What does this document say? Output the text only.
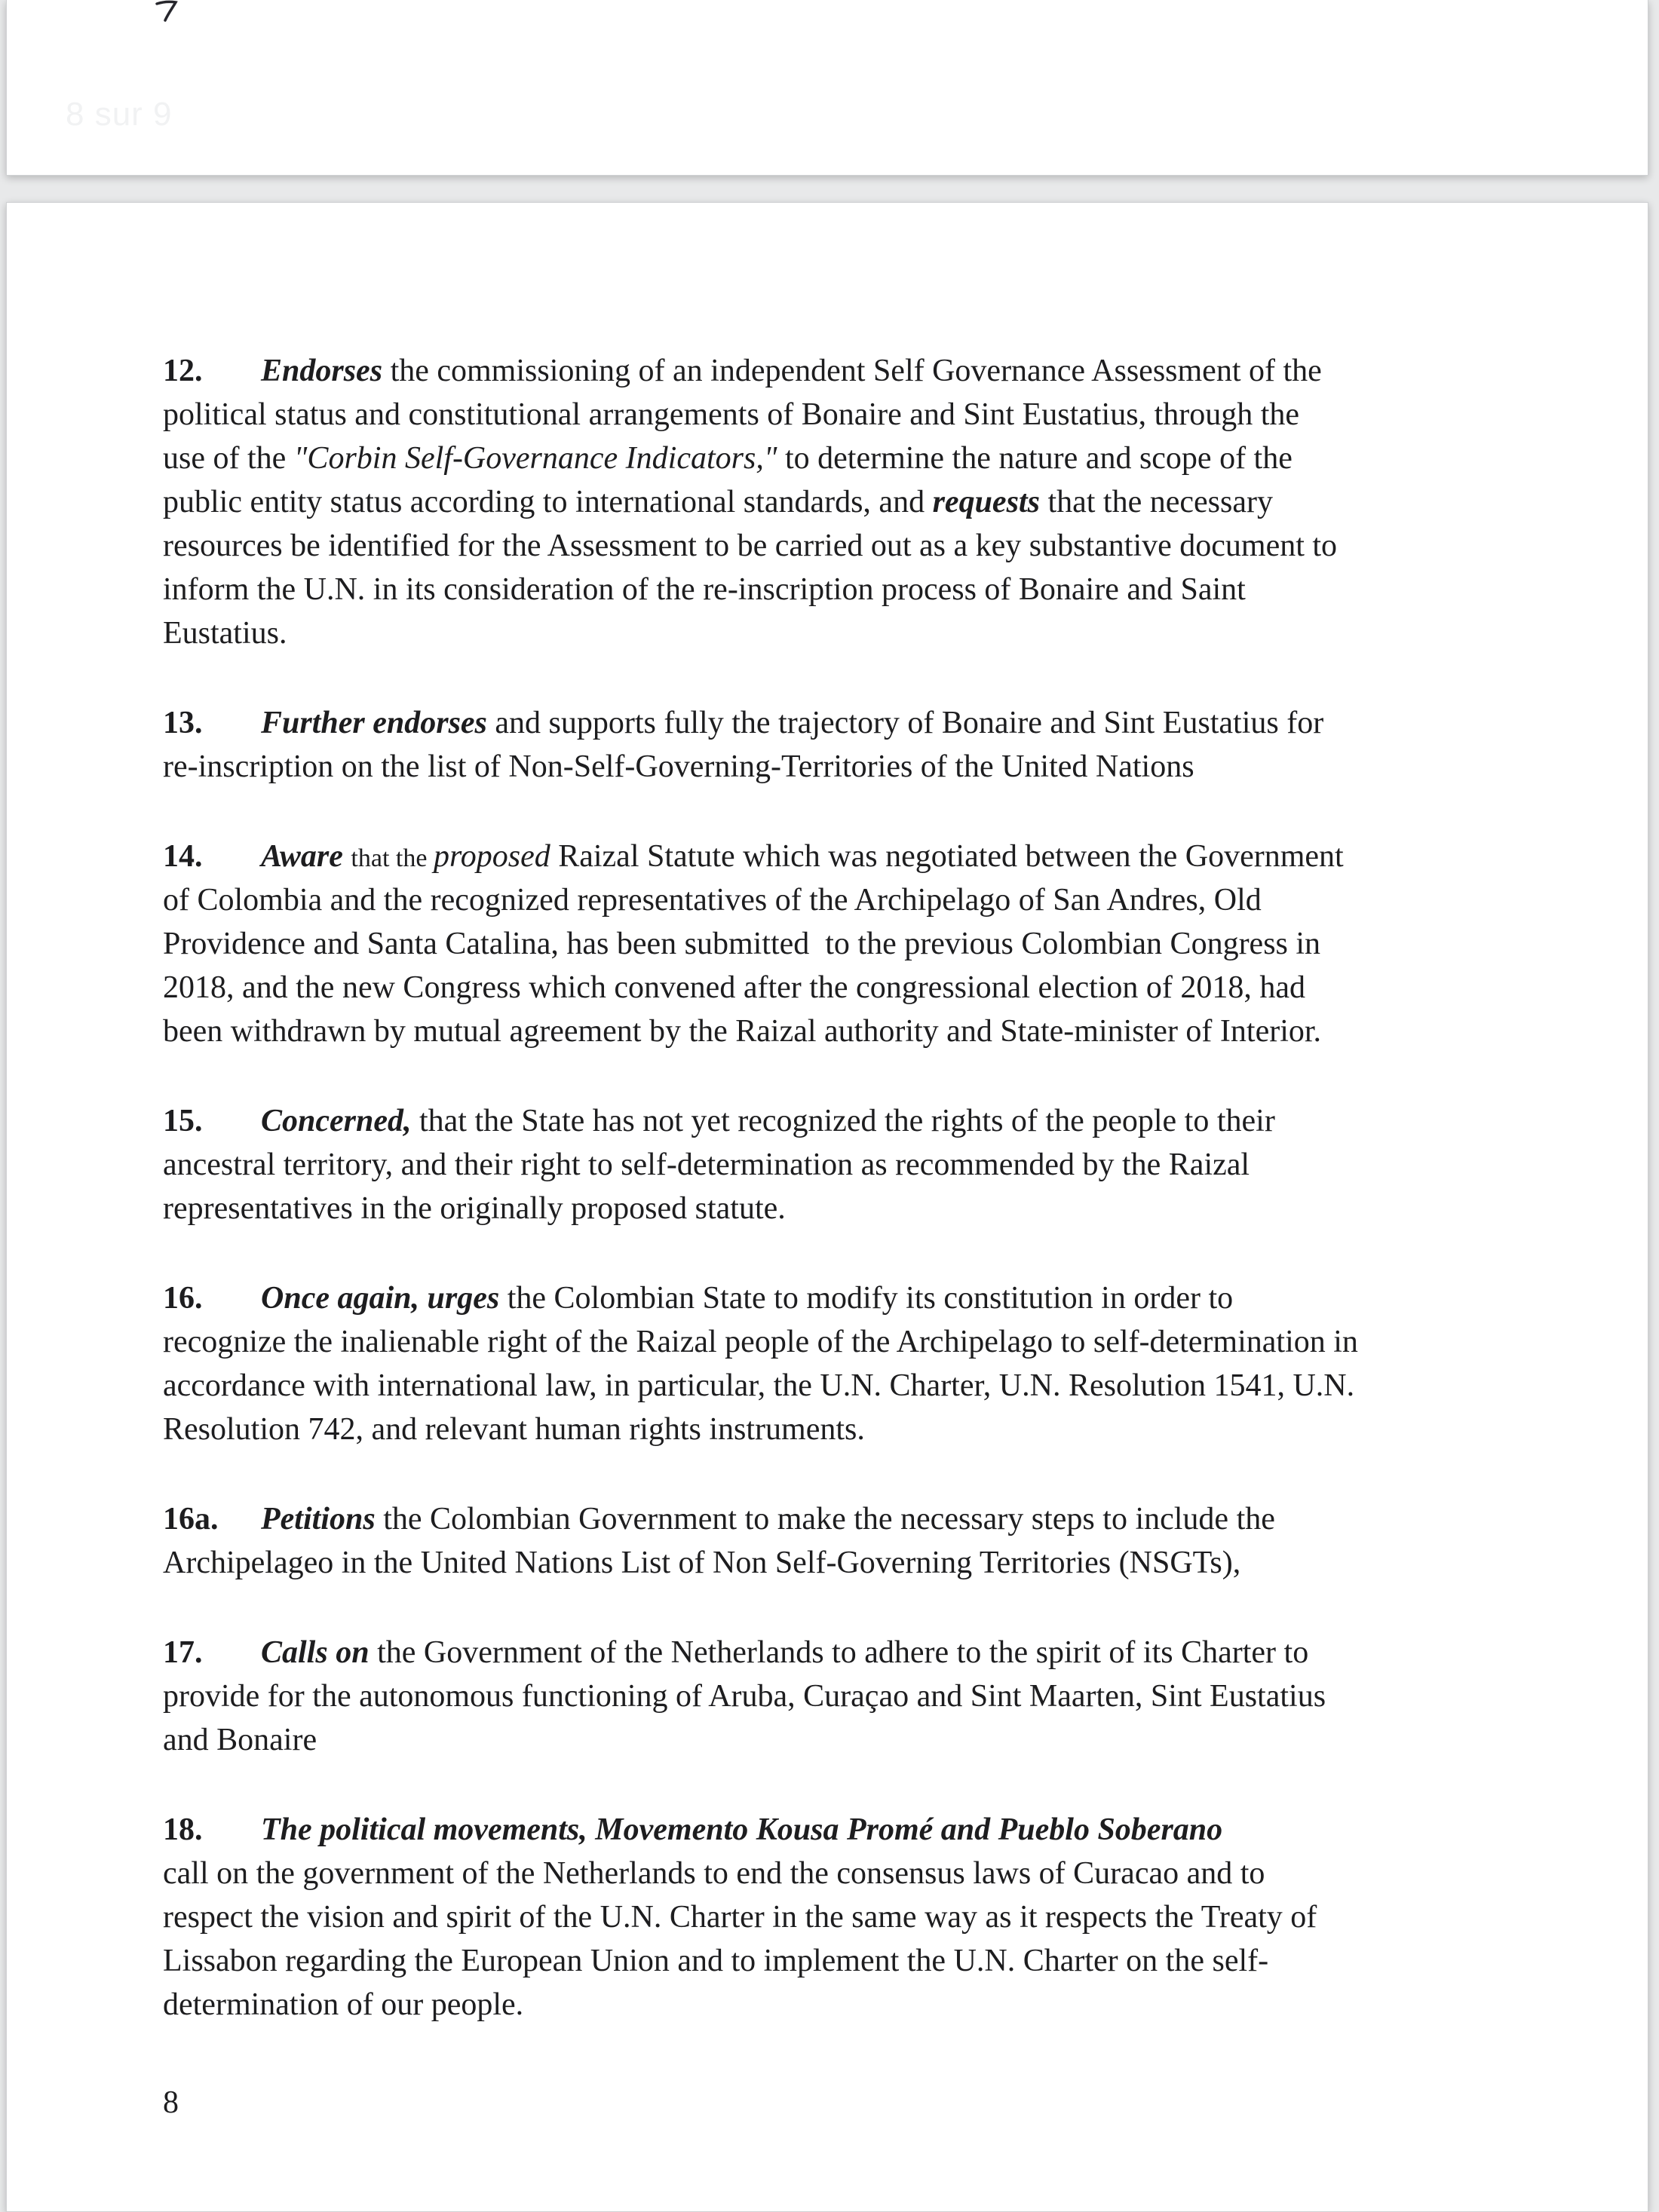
8 sur 9
12. Endorses the commissioning of an independent Self Governance Assessment of the
political status and constitutional arrangements of Bonaire and Sint Eustatius, through the
use of the "Corbin Self-Governance Indicators," to determine the nature and scope of the
public entity status according to international standards, and requests that the necessary
resources be identified for the Assessment to be carried out as a key substantive document to
inform the U.N. in its consideration of the re-inscription process of Bonaire and Saint
Eustatius.
13. Further endorses and supports fully the trajectory of Bonaire and Sint Eustatius for
re-inscription on the list of Non-Self-Governing-Territories of the United Nations
14. Aware that the proposed Raizal Statute which was negotiated between the Government
of Colombia and the recognized representatives of the Archipelago of San Andres, Old
Providence and Santa Catalina, has been submitted  to the previous Colombian Congress in
2018, and the new Congress which convened after the congressional election of 2018, had
been withdrawn by mutual agreement by the Raizal authority and State-minister of Interior.
15. Concerned, that the State has not yet recognized the rights of the people to their
ancestral territory, and their right to self-determination as recommended by the Raizal
representatives in the originally proposed statute.
16. Once again, urges the Colombian State to modify its constitution in order to
recognize the inalienable right of the Raizal people of the Archipelago to self-determination in
accordance with international law, in particular, the U.N. Charter, U.N. Resolution 1541, U.N.
Resolution 742, and relevant human rights instruments.
16a. Petitions the Colombian Government to make the necessary steps to include the
Archipelageo in the United Nations List of Non Self-Governing Territories (NSGTs),
17. Calls on the Government of the Netherlands to adhere to the spirit of its Charter to
provide for the autonomous functioning of Aruba, Curaçao and Sint Maarten, Sint Eustatius
and Bonaire
18. The political movements, Movemento Kousa Promé and Pueblo Soberano
call on the government of the Netherlands to end the consensus laws of Curacao and to
respect the vision and spirit of the U.N. Charter in the same way as it respects the Treaty of
Lissabon regarding the European Union and to implement the U.N. Charter on the self-
determination of our people.
8
